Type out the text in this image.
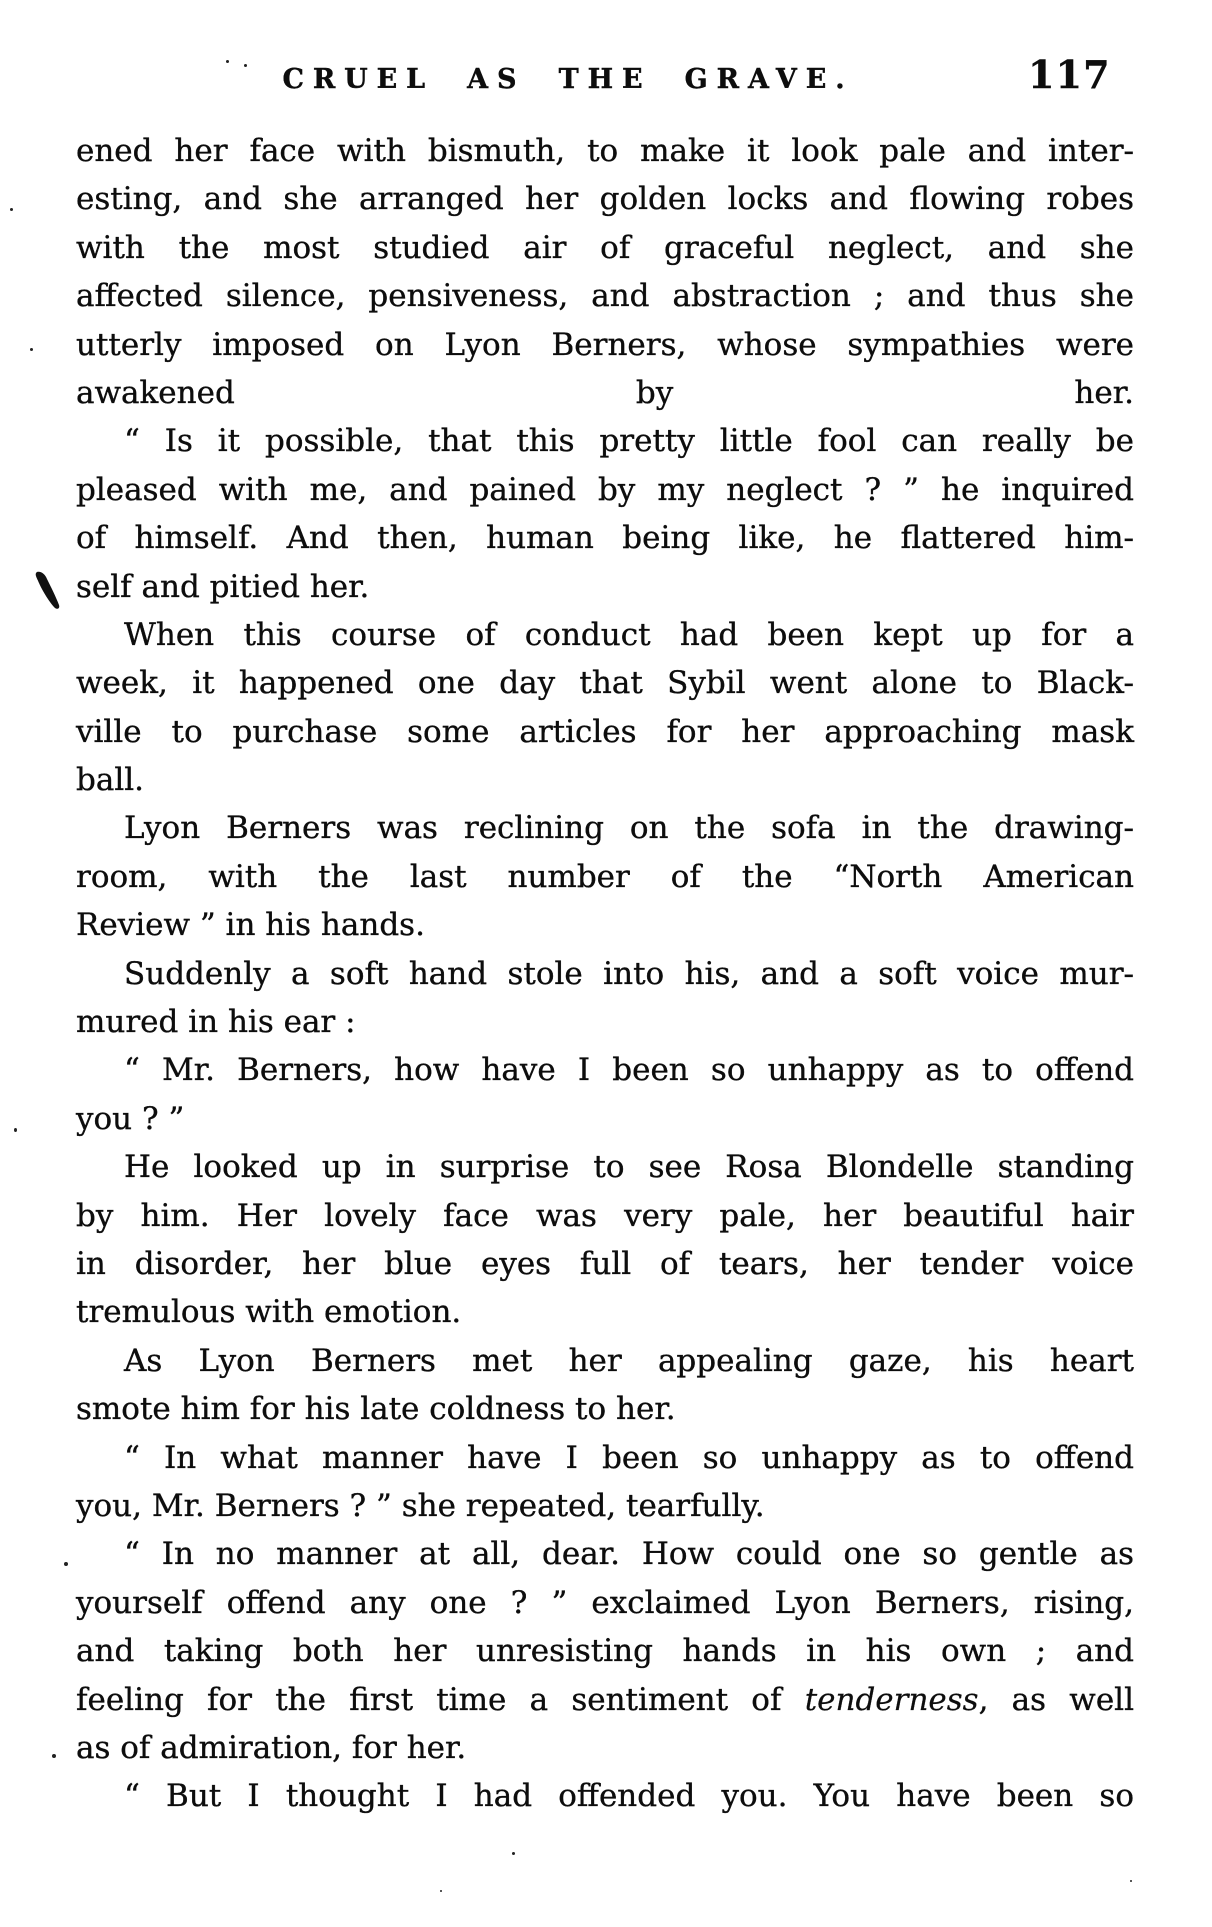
CRUEL AS THE GRAVE.	117
ened her face with bismuth, to make it look pale and inter-
esting, and she arranged her golden locks and flowing robes
with the most studied air of graceful neglect, and she
affected silence, pensiveness, and abstraction ; and thus she
utterly imposed on Lyon Berners, whose sympathies were
awakened by her.
“ Is it possible, that this pretty little fool can really be
pleased with me, and pained by my neglect ? ” he inquired
of himself. And then, human being like, he flattered him-
self and pitied her.
When this course of conduct had been kept up for a
week, it happened one day that Sybil went alone to Black-
ville to purchase some articles for her approaching mask
ball.
Lyon Berners was reclining on the sofa in the drawing-
room, with the last number of the “North American
Review ” in his hands.
Suddenly a soft hand stole into his, and a soft voice mur-
mured in his ear :
“ Mr. Berners, how have I been so unhappy as to offend
you ? ”
He looked up in surprise to see Rosa Blondelle standing
by him. Her lovely face was very pale, her beautiful hair
in disorder, her blue eyes full of tears, her tender voice
tremulous with emotion.
As Lyon Berners met her appealing gaze, his heart
smote him for his late coldness to her.
“ In what manner have I been so unhappy as to offend
you, Mr. Berners ? ” she repeated, tearfully.
“ In no manner at all, dear. How could one so gentle as
yourself offend any one ? ” exclaimed Lyon Berners, rising,
and taking both her unresisting hands in his own ; and
feeling for the first time a sentiment of tenderness, as well
as of admiration, for her.
“ But I thought I had offended you. You have been so
